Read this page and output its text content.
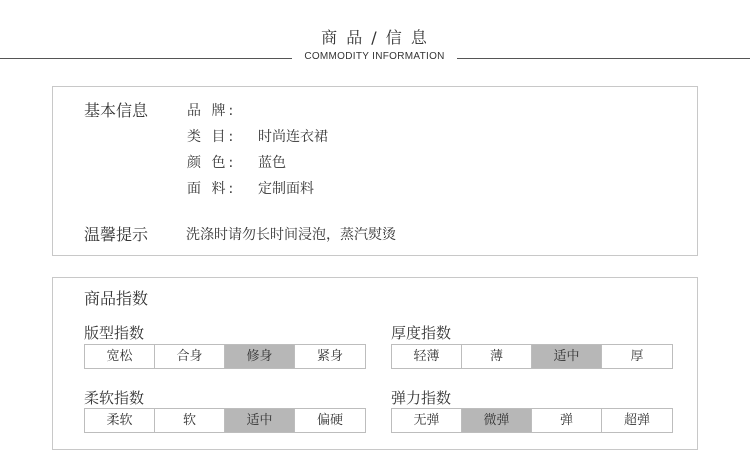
商 品 / 信 息
COMMODITY INFORMATION
基本信息	品 牌:
类 目: 时尚连衣裙
颜 色: 蓝色
面 料: 定制面料
温馨提示	洗涤时请勿长时间浸泡，蒸汽熨烫
商品指数
版型指数
宽松	合身	修身	紧身
厚度指数
轻薄	薄	适中	厚
柔软指数
柔软	软	适中	偏硬
弹力指数
无弹	微弹	弹	超弹
